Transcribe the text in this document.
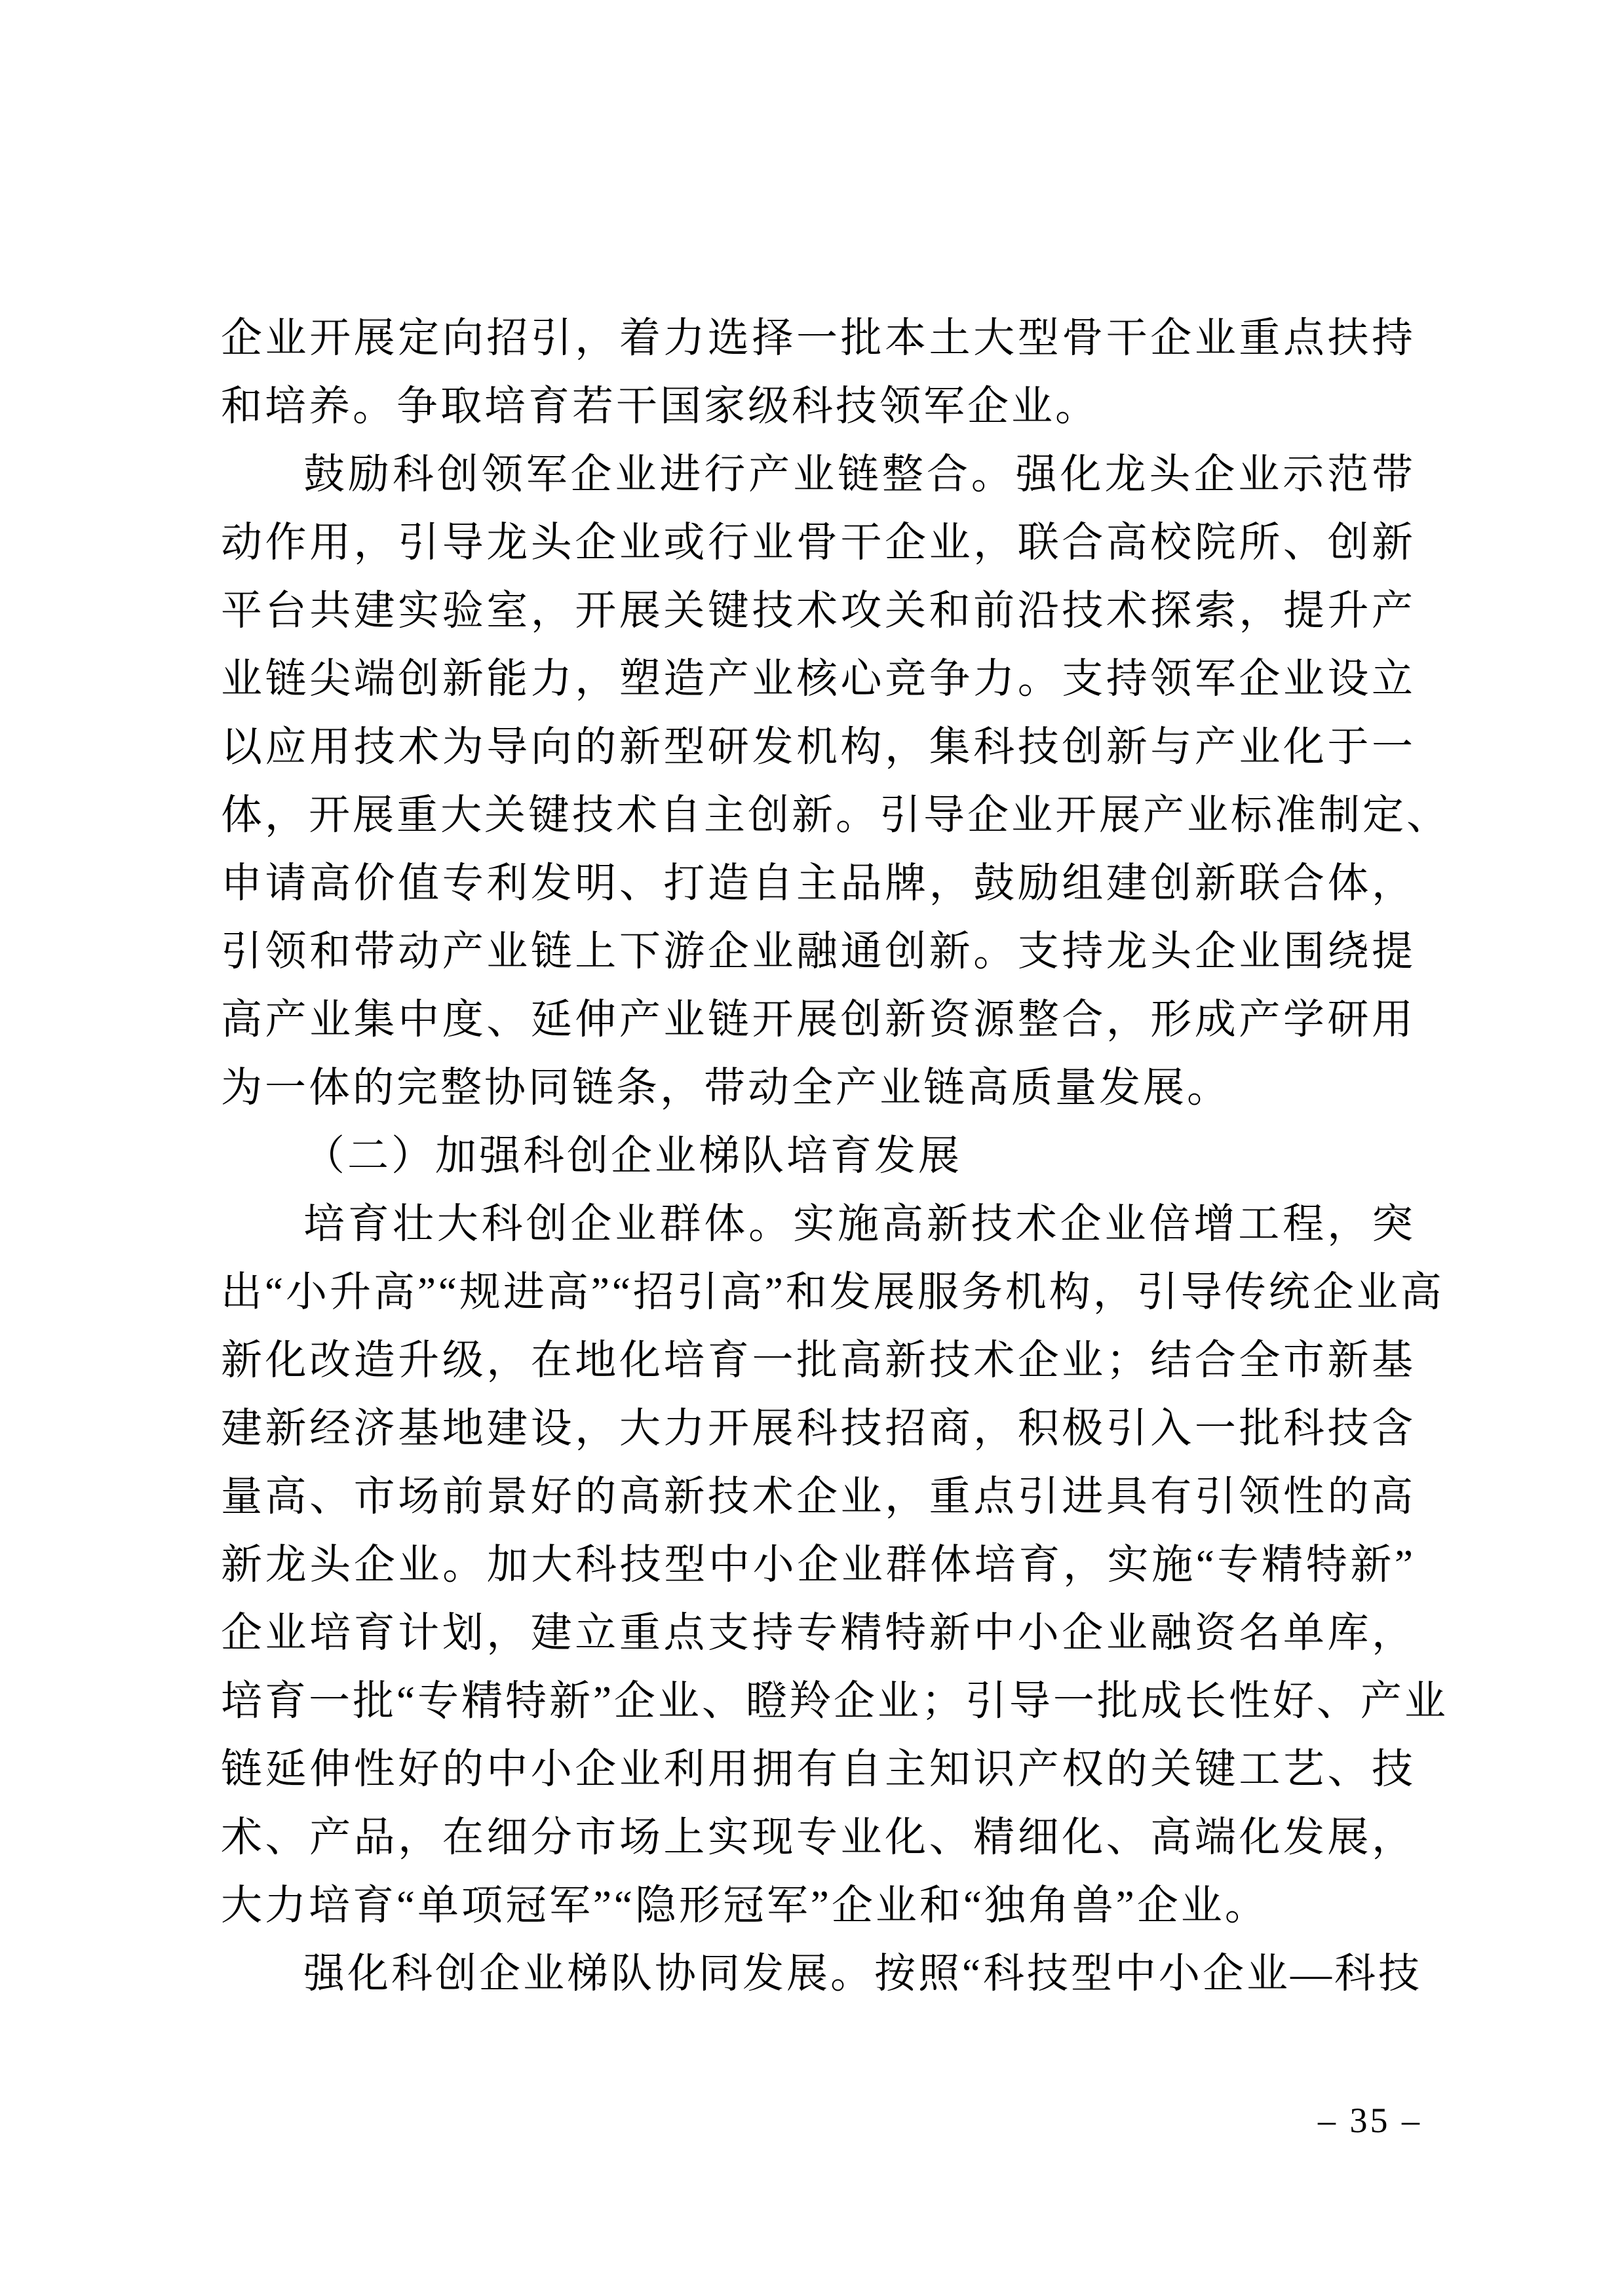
企业开展定向招引，着力选择一批本土大型骨干企业重点扶持
和培养。争取培育若干国家级科技领军企业。
鼓励科创领军企业进行产业链整合。强化龙头企业示范带
动作用，引导龙头企业或行业骨干企业，联合高校院所、创新
平台共建实验室，开展关键技术攻关和前沿技术探索，提升产
业链尖端创新能力，塑造产业核心竞争力。支持领军企业设立
以应用技术为导向的新型研发机构，集科技创新与产业化于一
体，开展重大关键技术自主创新。引导企业开展产业标准制定、
申请高价值专利发明、打造自主品牌，鼓励组建创新联合体，
引领和带动产业链上下游企业融通创新。支持龙头企业围绕提
高产业集中度、延伸产业链开展创新资源整合，形成产学研用
为一体的完整协同链条，带动全产业链高质量发展。
（二）加强科创企业梯队培育发展
培育壮大科创企业群体。实施高新技术企业倍增工程，突
出“小升高”“规进高”“招引高”和发展服务机构，引导传统企业高
新化改造升级，在地化培育一批高新技术企业；结合全市新基
建新经济基地建设，大力开展科技招商，积极引入一批科技含
量高、市场前景好的高新技术企业，重点引进具有引领性的高
新龙头企业。加大科技型中小企业群体培育，实施“专精特新”
企业培育计划，建立重点支持专精特新中小企业融资名单库，
培育一批“专精特新”企业、瞪羚企业；引导一批成长性好、产业
链延伸性好的中小企业利用拥有自主知识产权的关键工艺、技
术、产品，在细分市场上实现专业化、精细化、高端化发展，
大力培育“单项冠军”“隐形冠军”企业和“独角兽”企业。
强化科创企业梯队协同发展。按照“科技型中小企业—科技
– 35 –
